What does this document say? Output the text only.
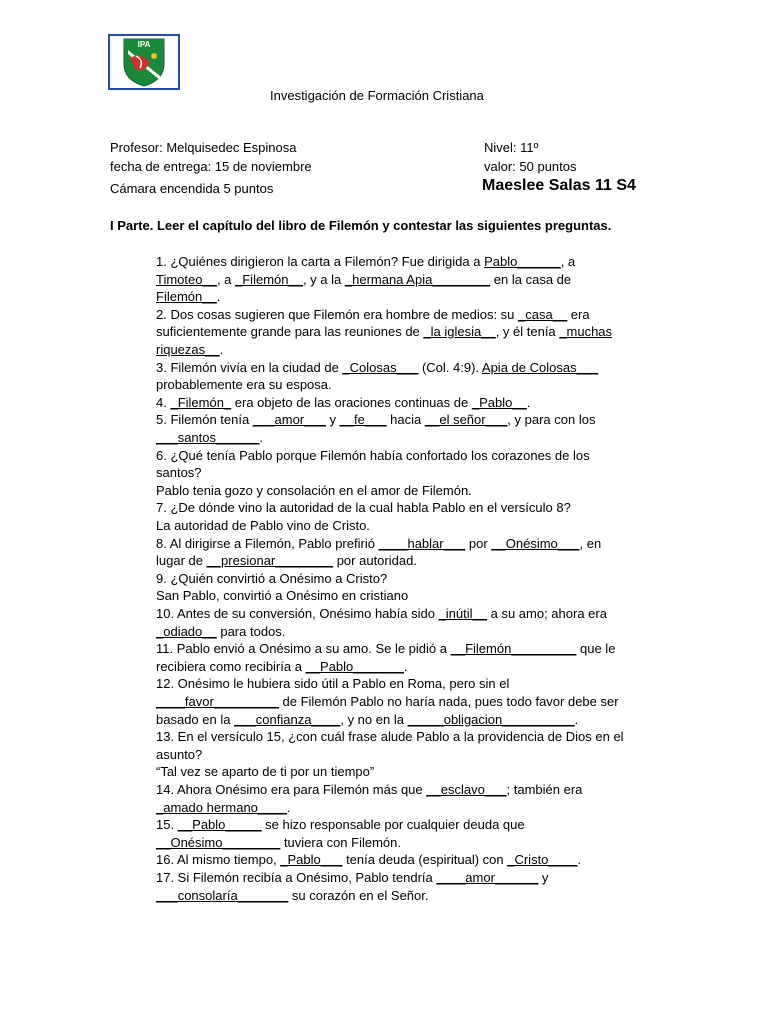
IPA
Investigación de Formación Cristiana
Profesor: Melquisedec Espinosa
fecha de entrega: 15 de noviembre
Cámara encendida 5 puntos
Nivel: 11º
valor: 50 puntos
Maeslee Salas 11 S4
I Parte. Leer el capítulo del libro de Filemón y contestar las siguientes preguntas.
1. ¿Quiénes dirigieron la carta a Filemón? Fue dirigida a Pablo______, a
Timoteo__, a _Filemón__, y a la _hermana Apia________ en la casa de
Filemón__.
2. Dos cosas sugieren que Filemón era hombre de medios: su _casa__ era
suficientemente grande para las reuniones de _la iglesia__, y él tenía _muchas
riquezas__.
3. Filemón vivía en la ciudad de _Colosas___ (Col. 4:9). Apia de Colosas___
probablemente era su esposa.
4. _Filemón_ era objeto de las oraciones continuas de _Pablo__.
5. Filemón tenía ___amor___ y __fe___ hacia __el señor___, y para con los
___santos______.
6. ¿Qué tenía Pablo porque Filemón había confortado los corazones de los
santos?
Pablo tenia gozo y consolación en el amor de Filemón.
7. ¿De dónde vino la autoridad de la cual habla Pablo en el versículo 8?
La autoridad de Pablo vino de Cristo.
8. Al dirigirse a Filemón, Pablo prefirió ____hablar___ por __Onésimo___, en
lugar de __presionar________ por autoridad.
9. ¿Quién convirtió a Onésimo a Cristo?
San Pablo, convirtió a Onésimo en cristiano
10. Antes de su conversión, Onésimo había sido _inútil__ a su amo; ahora era
_odiado__ para todos.
11. Pablo envió a Onésimo a su amo. Se le pidió a __Filemón_________ que le
recibiera como recibiría a __Pablo_______.
12. Onésimo le hubiera sido útil a Pablo en Roma, pero sin el
____favor_________ de Filemón Pablo no haría nada, pues todo favor debe ser
basado en la ___confianza____, y no en la _____obligacion__________.
13. En el versículo 15, ¿con cuál frase alude Pablo a la providencia de Dios en el
asunto?
“Tal vez se aparto de ti por un tiempo”
14. Ahora Onésimo era para Filemón más que __esclavo___; también era
_amado hermano____.
15. __Pablo_____ se hizo responsable por cualquier deuda que
__Onésimo________ tuviera con Filemón.
16. Al mismo tiempo, _Pablo___ tenía deuda (espiritual) con _Cristo____.
17. Si Filemón recibía a Onésimo, Pablo tendría ____amor______ y
___consolaría_______ su corazón en el Señor.
